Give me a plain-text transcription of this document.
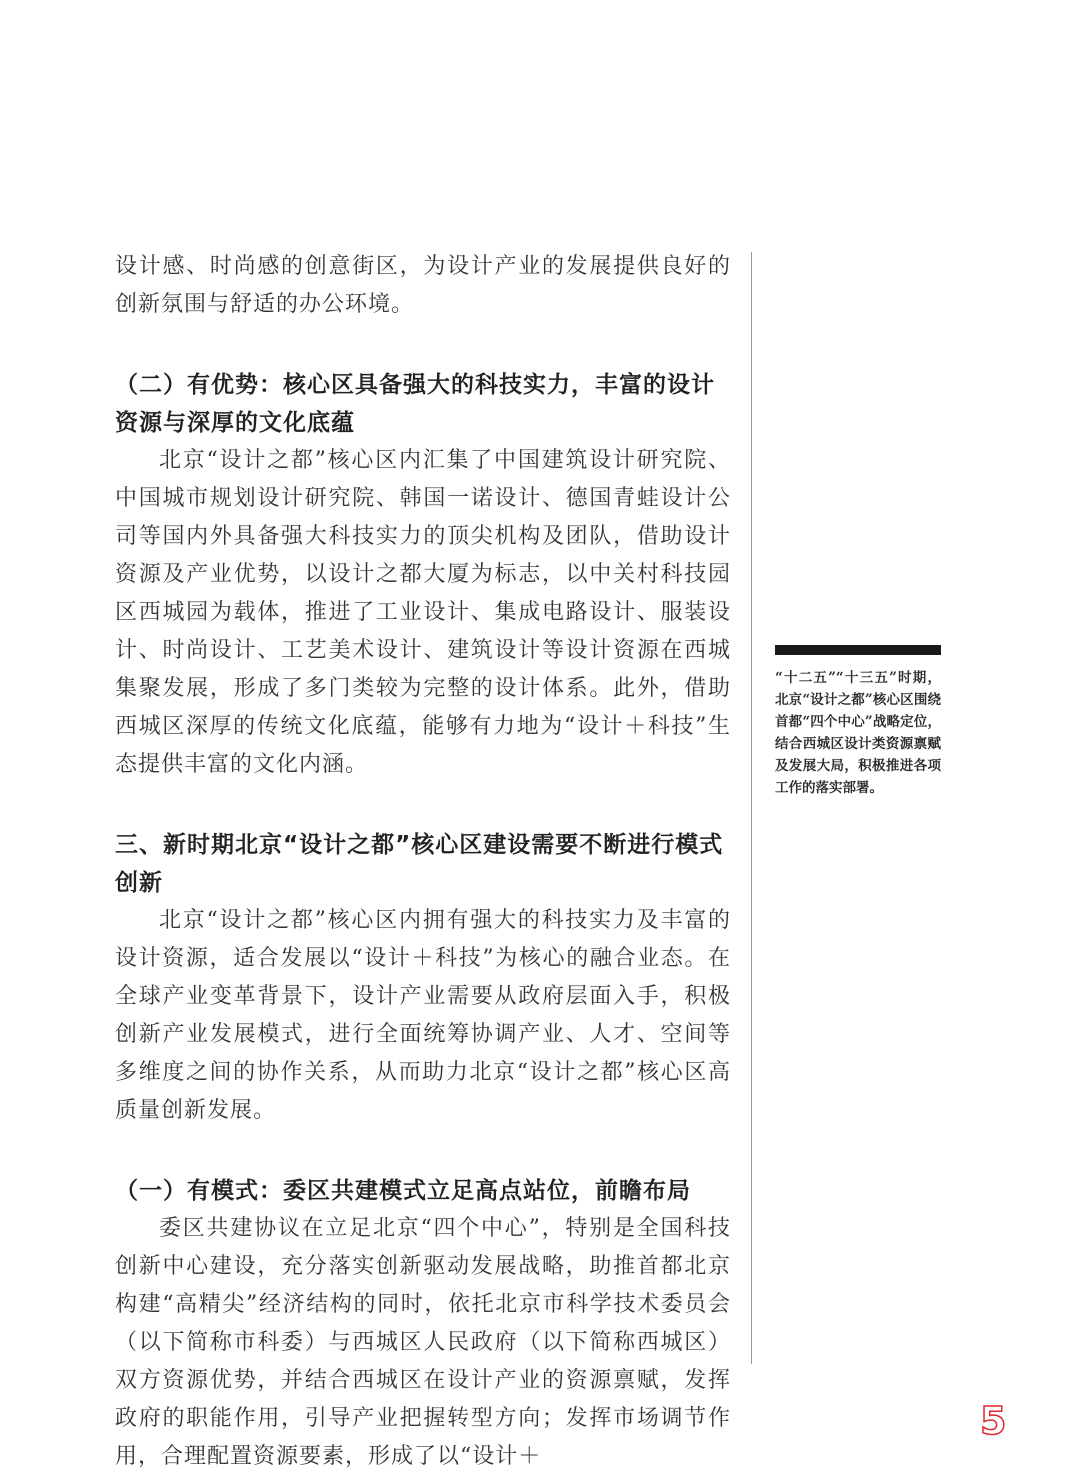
设计感、时尚感的创意街区，为设计产业的发展提供良好的创新氛围与舒适的办公环境。

（二）有优势：核心区具备强大的科技实力，丰富的设计资源与深厚的文化底蕴

北京“设计之都”核心区内汇集了中国建筑设计研究院、中国城市规划设计研究院、韩国一诺设计、德国青蛙设计公司等国内外具备强大科技实力的顶尖机构及团队，借助设计资源及产业优势，以设计之都大厦为标志，以中关村科技园区西城园为载体，推进了工业设计、集成电路设计、服装设计、时尚设计、工艺美术设计、建筑设计等设计资源在西城集聚发展，形成了多门类较为完整的设计体系。此外，借助西城区深厚的传统文化底蕴，能够有力地为“设计＋科技”生态提供丰富的文化内涵。

三、新时期北京“设计之都”核心区建设需要不断进行模式创新

北京“设计之都”核心区内拥有强大的科技实力及丰富的设计资源，适合发展以“设计＋科技”为核心的融合业态。在全球产业变革背景下，设计产业需要从政府层面入手，积极创新产业发展模式，进行全面统筹协调产业、人才、空间等多维度之间的协作关系，从而助力北京“设计之都”核心区高质量创新发展。

（一）有模式：委区共建模式立足高点站位，前瞻布局

委区共建协议在立足北京“四个中心”，特别是全国科技创新中心建设，充分落实创新驱动发展战略，助推首都北京构建“高精尖”经济结构的同时，依托北京市科学技术委员会（以下简称市科委）与西城区人民政府（以下简称西城区）双方资源优势，并结合西城区在设计产业的资源禀赋，发挥政府的职能作用，引导产业把握转型方向；发挥市场调节作用，合理配置资源要素，形成了以“设计＋

“十二五”“十三五”时期，北京“设计之都”核心区围绕首都“四个中心”战略定位，结合西城区设计类资源禀赋及发展大局，积极推进各项工作的落实部署。
5
